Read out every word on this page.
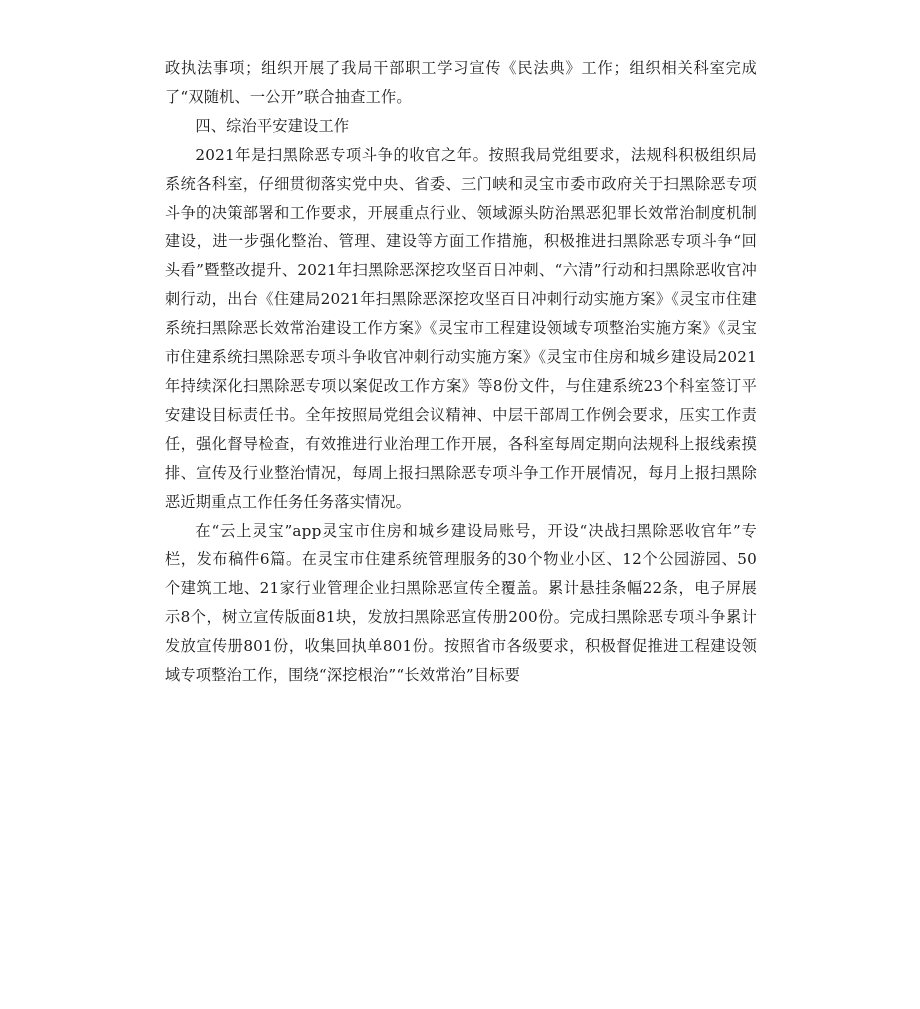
政执法事项；组织开展了我局干部职工学习宣传《民法典》工作；组织相关科室完成了“双随机、一公开”联合抽查工作。

四、综治平安建设工作

2021年是扫黑除恶专项斗争的收官之年。按照我局党组要求，法规科积极组织局系统各科室，仔细贯彻落实党中央、省委、三门峡和灵宝市委市政府关于扫黑除恶专项斗争的决策部署和工作要求，开展重点行业、领域源头防治黑恶犯罪长效常治制度机制建设，进一步强化整治、管理、建设等方面工作措施，积极推进扫黑除恶专项斗争“回头看”暨整改提升、2021年扫黑除恶深挖攻坚百日冲刺、“六清”行动和扫黑除恶收官冲刺行动，出台《住建局2021年扫黑除恶深挖攻坚百日冲刺行动实施方案》《灵宝市住建系统扫黑除恶长效常治建设工作方案》《灵宝市工程建设领域专项整治实施方案》《灵宝市住建系统扫黑除恶专项斗争收官冲刺行动实施方案》《灵宝市住房和城乡建设局2021年持续深化扫黑除恶专项以案促改工作方案》等8份文件，与住建系统23个科室签订平安建设目标责任书。全年按照局党组会议精神、中层干部周工作例会要求，压实工作责任，强化督导检查，有效推进行业治理工作开展，各科室每周定期向法规科上报线索摸排、宣传及行业整治情况，每周上报扫黑除恶专项斗争工作开展情况，每月上报扫黑除恶近期重点工作任务任务落实情况。

在“云上灵宝”app灵宝市住房和城乡建设局账号，开设“决战扫黑除恶收官年”专栏，发布稿件6篇。在灵宝市住建系统管理服务的30个物业小区、12个公园游园、50个建筑工地、21家行业管理企业扫黑除恶宣传全覆盖。累计悬挂条幅22条，电子屏展示8个，树立宣传版面81块，发放扫黑除恶宣传册200份。完成扫黑除恶专项斗争累计发放宣传册801份，收集回执单801份。按照省市各级要求，积极督促推进工程建设领域专项整治工作，围绕“深挖根治”“长效常治”目标要
